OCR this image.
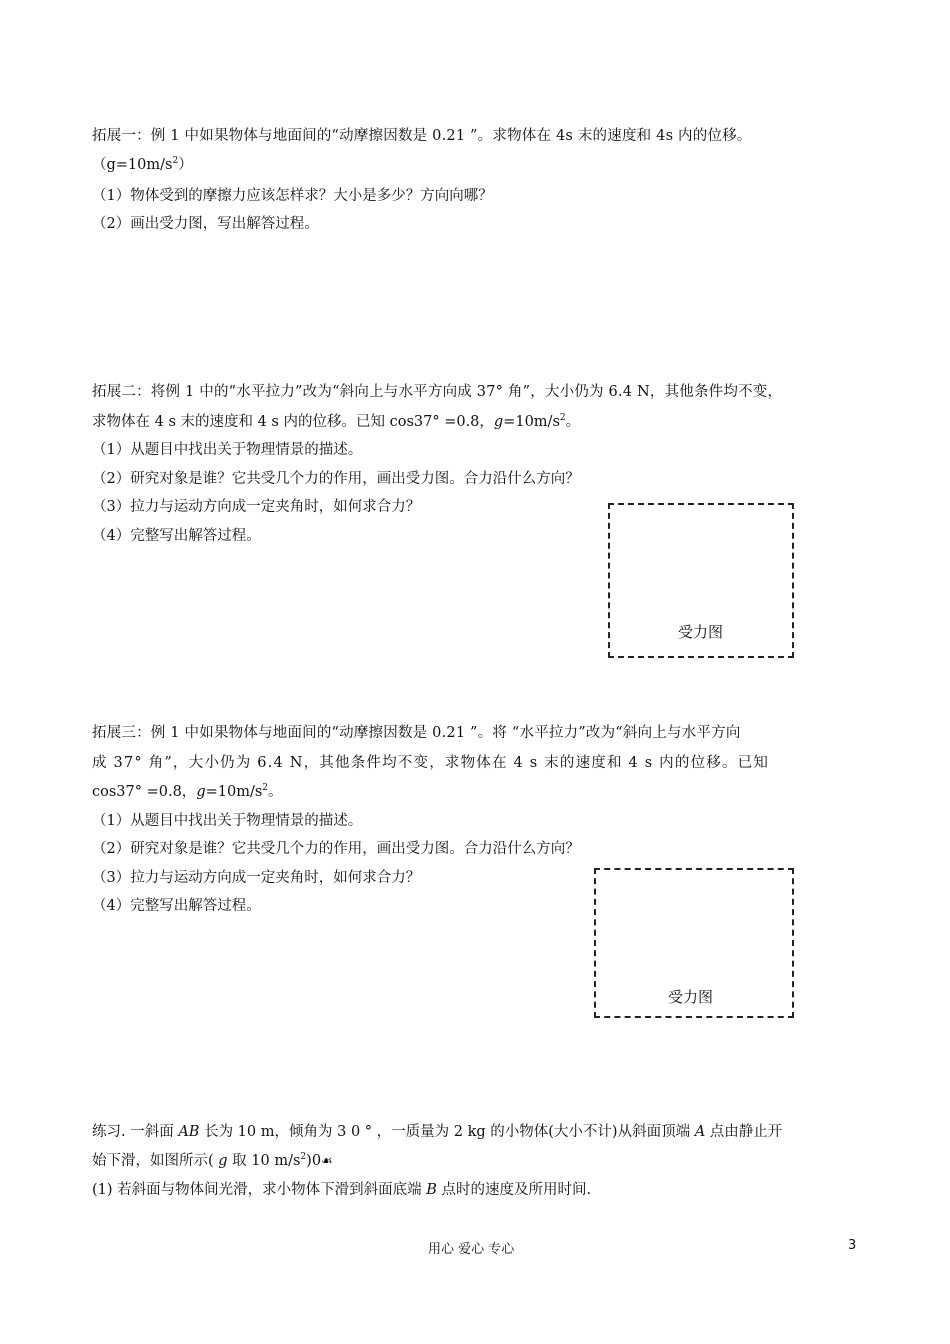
拓展一：例 1 中如果物体与地面间的“动摩擦因数是 0.21 ”。求物体在 4s 末的速度和 4s 内的位移。
$(g=10m/s^2)$
（1）物体受到的摩擦力应该怎样求？大小是多少？方向向哪？
（2）画出受力图，写出解答过程。
拓展二：将例 1 中的“水平拉力”改为“斜向上与水平方向成 37° 角”，大小仍为 6.4 N，其他条件均不变，
求物体在 4 s 末的速度和 4 s 内的位移。已知 cos37° =0.8，$g=10m/s^2$。
（1）从题目中找出关于物理情景的描述。
（2）研究对象是谁？它共受几个力的作用，画出受力图。合力沿什么方向？
（3）拉力与运动方向成一定夹角时，如何求合力？
（4）完整写出解答过程。
受力图
拓展三：例 1 中如果物体与地面间的“动摩擦因数是 0.21 ”。将 “水平拉力”改为“斜向上与水平方向
成 37° 角”，大小仍为 6.4 N，其他条件均不变，求物体在 4 s 末的速度和 4 s 内的位移。已知
cos37° =0.8，$g=10m/s^2$。
（1）从题目中找出关于物理情景的描述。
（2）研究对象是谁？它共受几个力的作用，画出受力图。合力沿什么方向？
（3）拉力与运动方向成一定夹角时，如何求合力？
（4）完整写出解答过程。
受力图
练习. 一斜面 AB 长为 10 m，倾角为 3 0 ° ，一质量为 2 kg 的小物体(大小不计)从斜面顶端 A 点由静止开
始下滑，如图所示( g 取 10 $m/s^2)0☙$
(1) 若斜面与物体间光滑，求小物体下滑到斜面底端 B 点时的速度及所用时间.
用心 爱心 专心	3
